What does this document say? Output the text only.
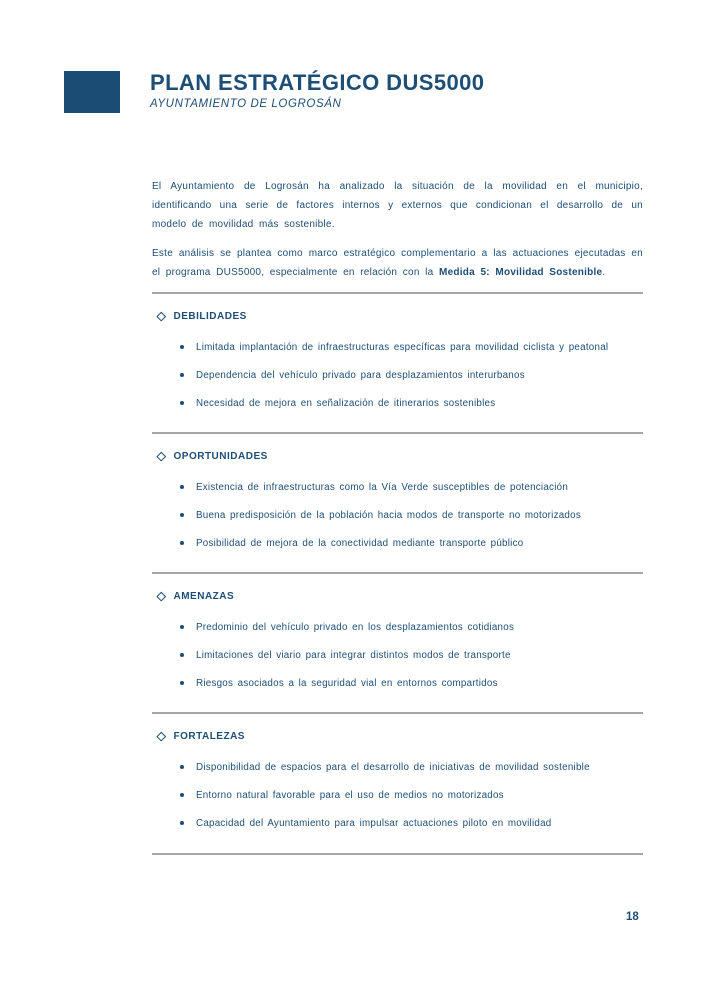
PLAN ESTRATÉGICO DUS5000
AYUNTAMIENTO DE LOGROSÁN

El Ayuntamiento de Logrosán ha analizado la situación de la movilidad en el municipio, identificando una serie de factores internos y externos que condicionan el desarrollo de un modelo de movilidad más sostenible.

Este análisis se plantea como marco estratégico complementario a las actuaciones ejecutadas en el programa DUS5000, especialmente en relación con la Medida 5: Movilidad Sostenible.

DEBILIDADES
Limitada implantación de infraestructuras específicas para movilidad ciclista y peatonal
Dependencia del vehículo privado para desplazamientos interurbanos
Necesidad de mejora en señalización de itinerarios sostenibles
OPORTUNIDADES
Existencia de infraestructuras como la Vía Verde susceptibles de potenciación
Buena predisposición de la población hacia modos de transporte no motorizados
Posibilidad de mejora de la conectividad mediante transporte público
AMENAZAS
Predominio del vehículo privado en los desplazamientos cotidianos
Limitaciones del viario para integrar distintos modos de transporte
Riesgos asociados a la seguridad vial en entornos compartidos
FORTALEZAS
Disponibilidad de espacios para el desarrollo de iniciativas de movilidad sostenible
Entorno natural favorable para el uso de medios no motorizados
Capacidad del Ayuntamiento para impulsar actuaciones piloto en movilidad
18
